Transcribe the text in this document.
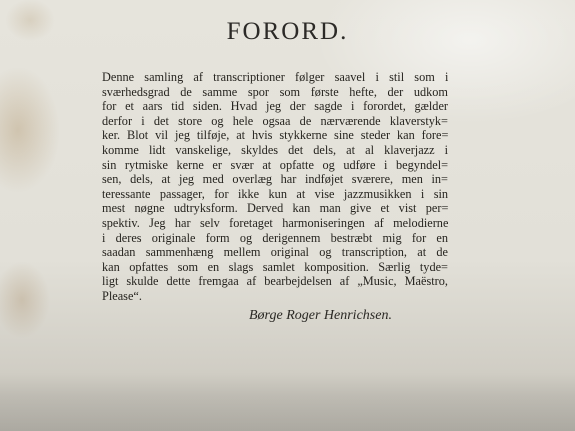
FORORD.
Denne samling af transcriptioner følger saavel i stil som i
sværhedsgrad de samme spor som første hefte, der udkom
for et aars tid siden. Hvad jeg der sagde i forordet, gælder
derfor i det store og hele ogsaa de nærværende klaverstyk=
ker. Blot vil jeg tilføje, at hvis stykkerne sine steder kan fore=
komme lidt vanskelige, skyldes det dels, at al klaverjazz i
sin rytmiske kerne er svær at opfatte og udføre i begyndel=
sen, dels, at jeg med overlæg har indføjet sværere, men in=
teressante passager, for ikke kun at vise jazzmusikken i sin
mest nøgne udtryksform. Derved kan man give et vist per=
spektiv. Jeg har selv foretaget harmoniseringen af melodierne
i deres originale form og derigennem bestræbt mig for en
saadan sammenhæng mellem original og transcription, at de
kan opfattes som en slags samlet komposition. Særlig tyde=
ligt skulde dette fremgaa af bearbejdelsen af „Music, Maëstro,
Please“.
Børge Roger Henrichsen.
